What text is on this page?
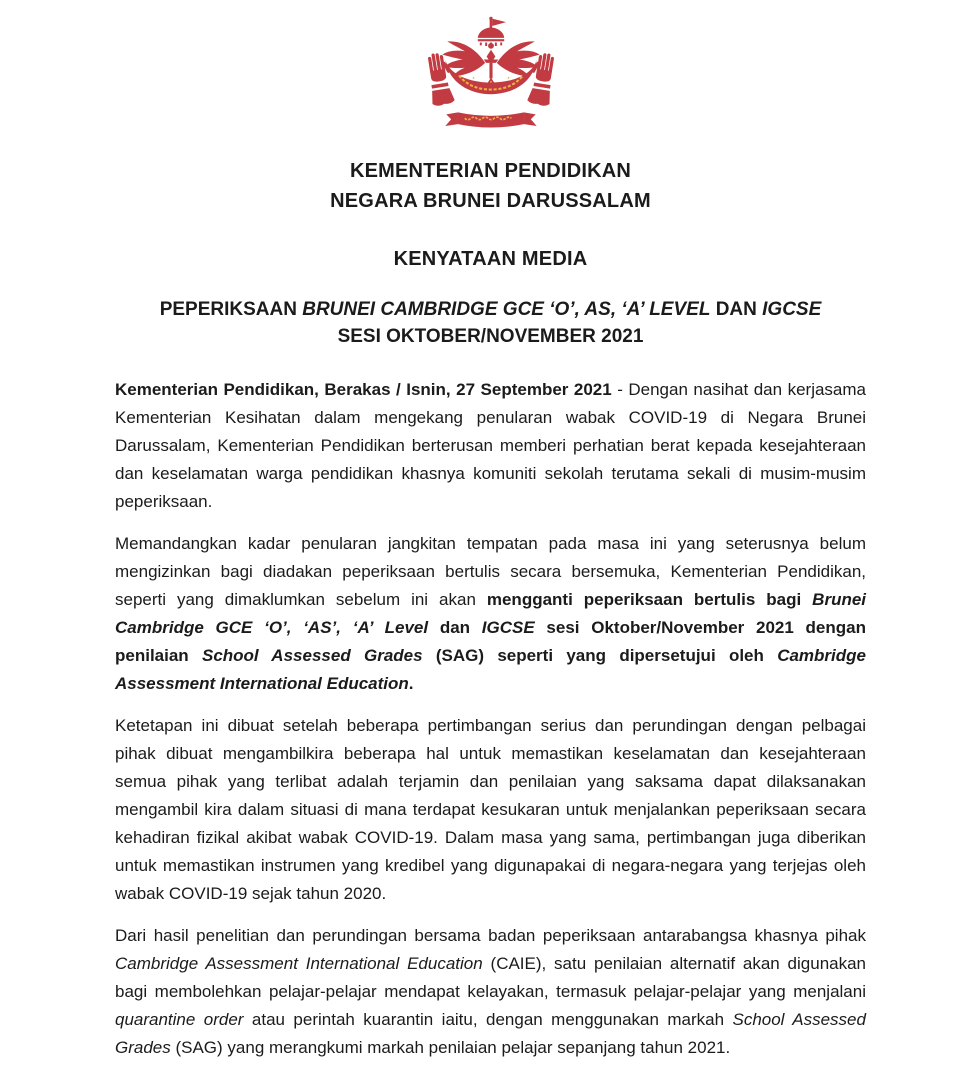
KEMENTERIAN PENDIDIKAN
NEGARA BRUNEI DARUSSALAM
KENYATAAN MEDIA
PEPERIKSAAN BRUNEI CAMBRIDGE GCE ‘O’, AS, ‘A’ LEVEL DAN IGCSE
SESI OKTOBER/NOVEMBER 2021

Kementerian Pendidikan, Berakas / Isnin, 27 September 2021 - Dengan nasihat dan kerjasama Kementerian Kesihatan dalam mengekang penularan wabak COVID-19 di Negara Brunei Darussalam, Kementerian Pendidikan berterusan memberi perhatian berat kepada kesejahteraan dan keselamatan warga pendidikan khasnya komuniti sekolah terutama sekali di musim-musim peperiksaan.

Memandangkan kadar penularan jangkitan tempatan pada masa ini yang seterusnya belum mengizinkan bagi diadakan peperiksaan bertulis secara bersemuka, Kementerian Pendidikan, seperti yang dimaklumkan sebelum ini akan mengganti peperiksaan bertulis bagi Brunei Cambridge GCE ‘O’, ‘AS’, ‘A’ Level dan IGCSE sesi Oktober/November 2021 dengan penilaian School Assessed Grades (SAG) seperti yang dipersetujui oleh Cambridge Assessment International Education.

Ketetapan ini dibuat setelah beberapa pertimbangan serius dan perundingan dengan pelbagai pihak dibuat mengambilkira beberapa hal untuk memastikan keselamatan dan kesejahteraan semua pihak yang terlibat adalah terjamin dan penilaian yang saksama dapat dilaksanakan mengambil kira dalam situasi di mana terdapat kesukaran untuk menjalankan peperiksaan secara kehadiran fizikal akibat wabak COVID-19. Dalam masa yang sama, pertimbangan juga diberikan untuk memastikan instrumen yang kredibel yang digunapakai di negara-negara yang terjejas oleh wabak COVID-19 sejak tahun 2020.

Dari hasil penelitian dan perundingan bersama badan peperiksaan antarabangsa khasnya pihak Cambridge Assessment International Education (CAIE), satu penilaian alternatif akan digunakan bagi membolehkan pelajar-pelajar mendapat kelayakan, termasuk pelajar-pelajar yang menjalani quarantine order atau perintah kuarantin iaitu, dengan menggunakan markah School Assessed Grades (SAG) yang merangkumi markah penilaian pelajar sepanjang tahun 2021.
